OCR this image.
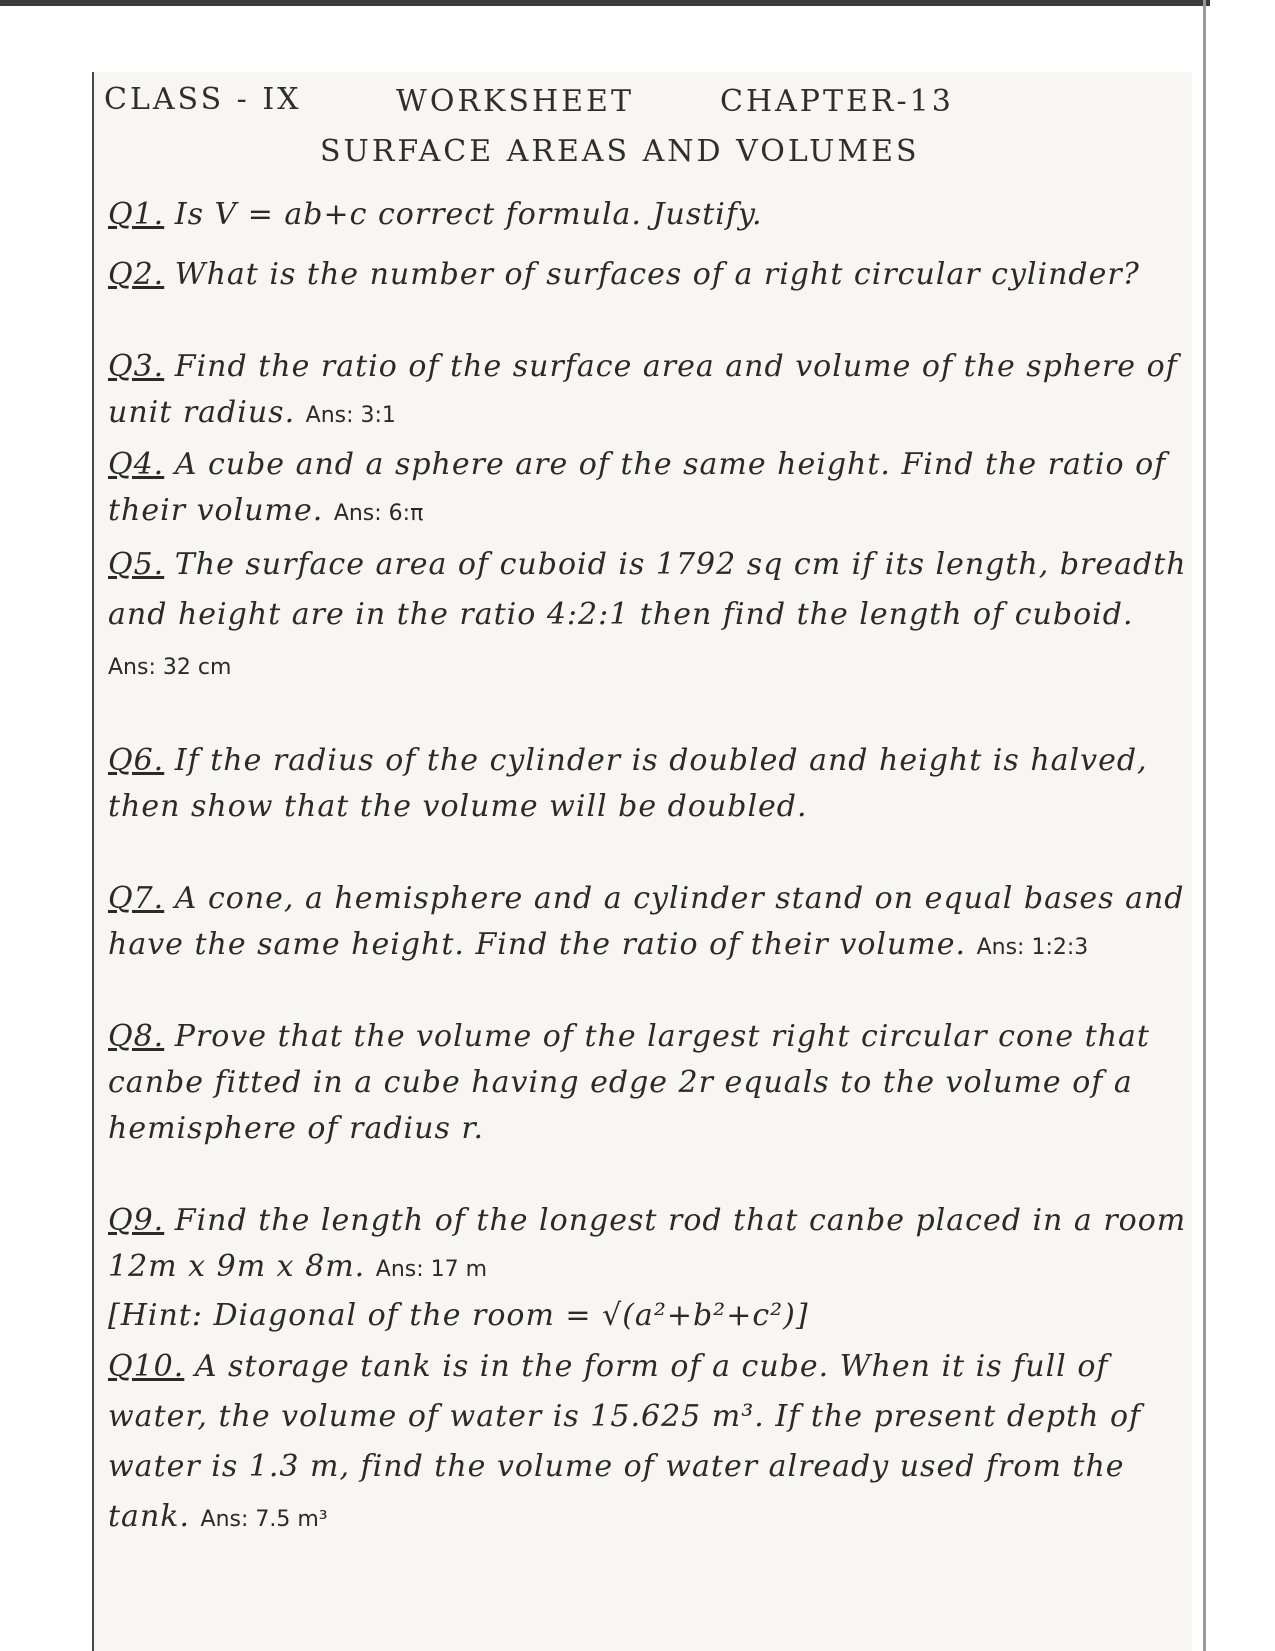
CLASS - IX	WORKSHEET	CHAPTER-13
SURFACE AREAS AND VOLUMES

Q1. Is V = ab+c correct formula. Justify.

Q2. What is the number of surfaces of a right circular cylinder?

Q3. Find the ratio of the surface area and volume of the sphere of unit radius. Ans: 3:1

Q4. A cube and a sphere are of the same height. Find the ratio of their volume. Ans: 6:π

Q5. The surface area of cuboid is 1792 sq cm if its length, breadth and height are in the ratio 4:2:1 then find the length of cuboid. Ans: 32 cm

Q6. If the radius of the cylinder is doubled and height is halved, then show that the volume will be doubled.

Q7. A cone, a hemisphere and a cylinder stand on equal bases and have the same height. Find the ratio of their volume. Ans: 1:2:3

Q8. Prove that the volume of the largest right circular cone that canbe fitted in a cube having edge 2r equals to the volume of a hemisphere of radius r.

Q9. Find the length of the longest rod that canbe placed in a room 12m x 9m x 8m. Ans: 17 m
[Hint: Diagonal of the room = √(a²+b²+c²)]

Q10. A storage tank is in the form of a cube. When it is full of water, the volume of water is 15.625 m³. If the present depth of water is 1.3 m, find the volume of water already used from the tank. Ans: 7.5 m³
